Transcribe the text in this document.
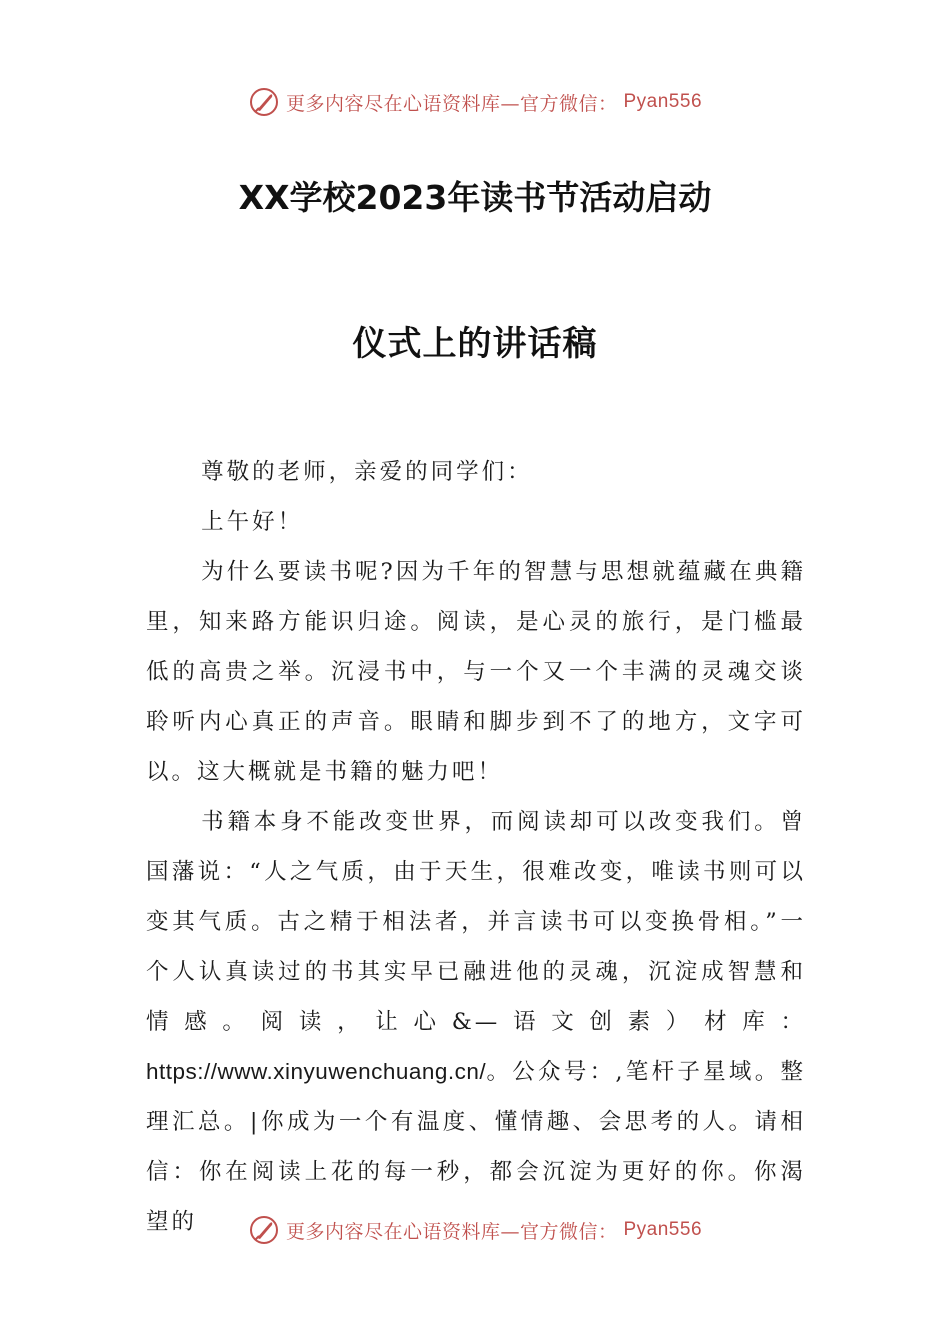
更多内容尽在心语资料库—官方微信： Pyan556
XX学校2023年读书节活动启动
仪式上的讲话稿

尊敬的老师，亲爱的同学们：

上午好！

为什么要读书呢?因为千年的智慧与思想就蕴藏在典籍里，知来路方能识归途。阅读，是心灵的旅行，是门槛最低的高贵之举。沉浸书中，与一个又一个丰满的灵魂交谈聆听内心真正的声音。眼睛和脚步到不了的地方，文字可以。这大概就是书籍的魅力吧！

书籍本身不能改变世界，而阅读却可以改变我们。曾国藩说：“人之气质，由于天生，很难改变，唯读书则可以变其气质。古之精于相法者，并言读书可以变换骨相。”一个人认真读过的书其实早已融进他的灵魂，沉淀成智慧和情感。阅读，让心&—语文创素）材库：https://www.xinyuwenchuang.cn/。公众号：,笔杆子星域。整理汇总。|你成为一个有温度、懂情趣、会思考的人。请相信：你在阅读上花的每一秒，都会沉淀为更好的你。你渴望的	更多内容尽在心语资料库—官方微信： Pyan556
